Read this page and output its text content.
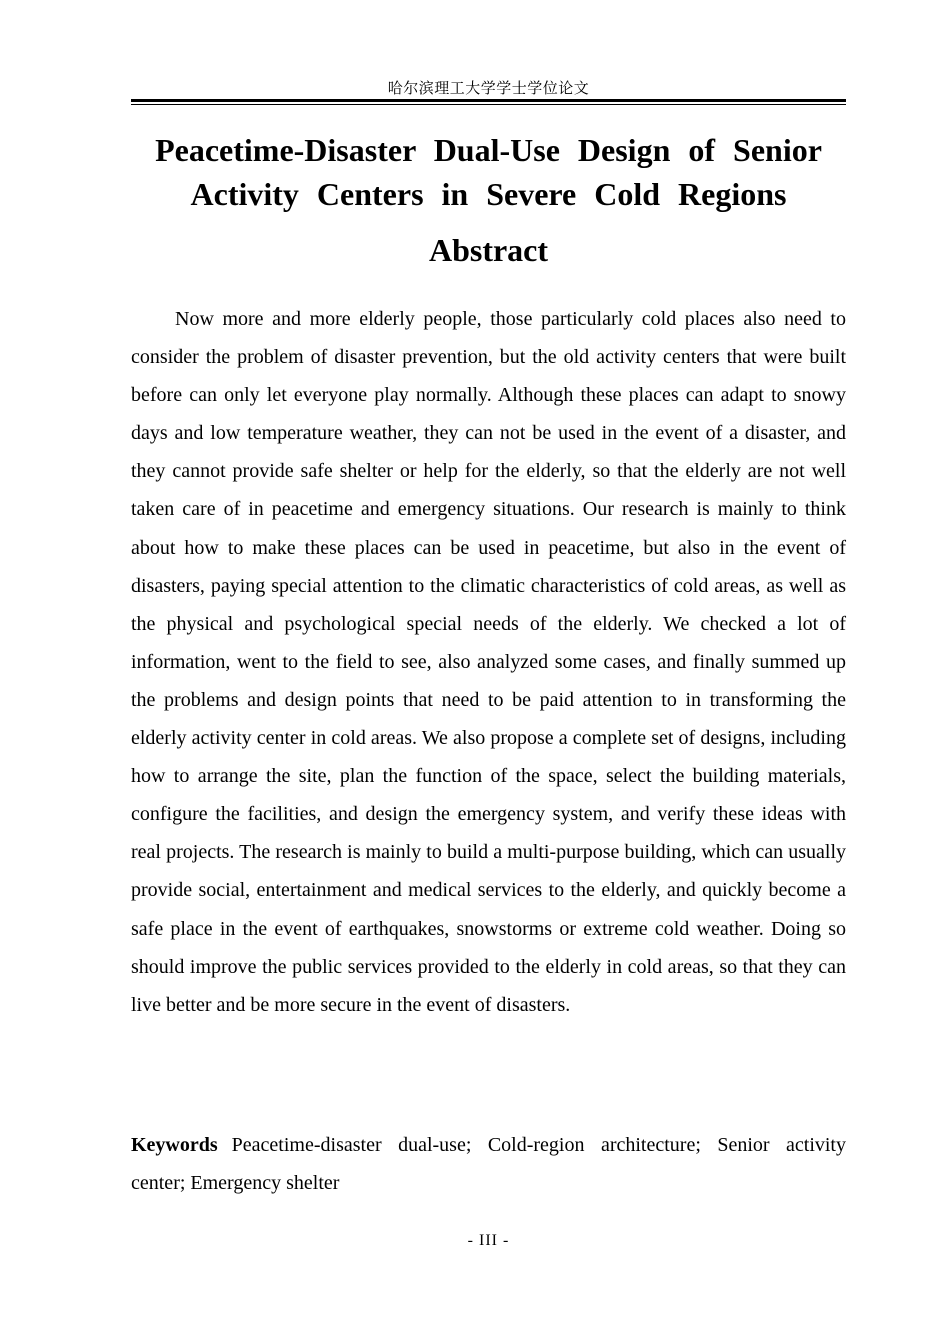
哈尔滨理工大学学士学位论文
Peacetime-Disaster Dual-Use Design of Senior Activity Centers in Severe Cold Regions
Abstract

Now more and more elderly people, those particularly cold places also need to consider the problem of disaster prevention, but the old activity centers that were built before can only let everyone play normally. Although these places can adapt to snowy days and low temperature weather, they can not be used in the event of a disaster, and they cannot provide safe shelter or help for the elderly, so that the elderly are not well taken care of in peacetime and emergency situations. Our research is mainly to think about how to make these places can be used in peacetime, but also in the event of disasters, paying special attention to the climatic characteristics of cold areas, as well as the physical and psychological special needs of the elderly. We checked a lot of information, went to the field to see, also analyzed some cases, and finally summed up the problems and design points that need to be paid attention to in transforming the elderly activity center in cold areas. We also propose a complete set of designs, including how to arrange the site, plan the function of the space, select the building materials, configure the facilities, and design the emergency system, and verify these ideas with real projects. The research is mainly to build a multi-purpose building, which can usually provide social, entertainment and medical services to the elderly, and quickly become a safe place in the event of earthquakes, snowstorms or extreme cold weather. Doing so should improve the public services provided to the elderly in cold areas, so that they can live better and be more secure in the event of disasters.

Keywords Peacetime-disaster dual-use; Cold-region architecture; Senior activity center; Emergency shelter

- III -
